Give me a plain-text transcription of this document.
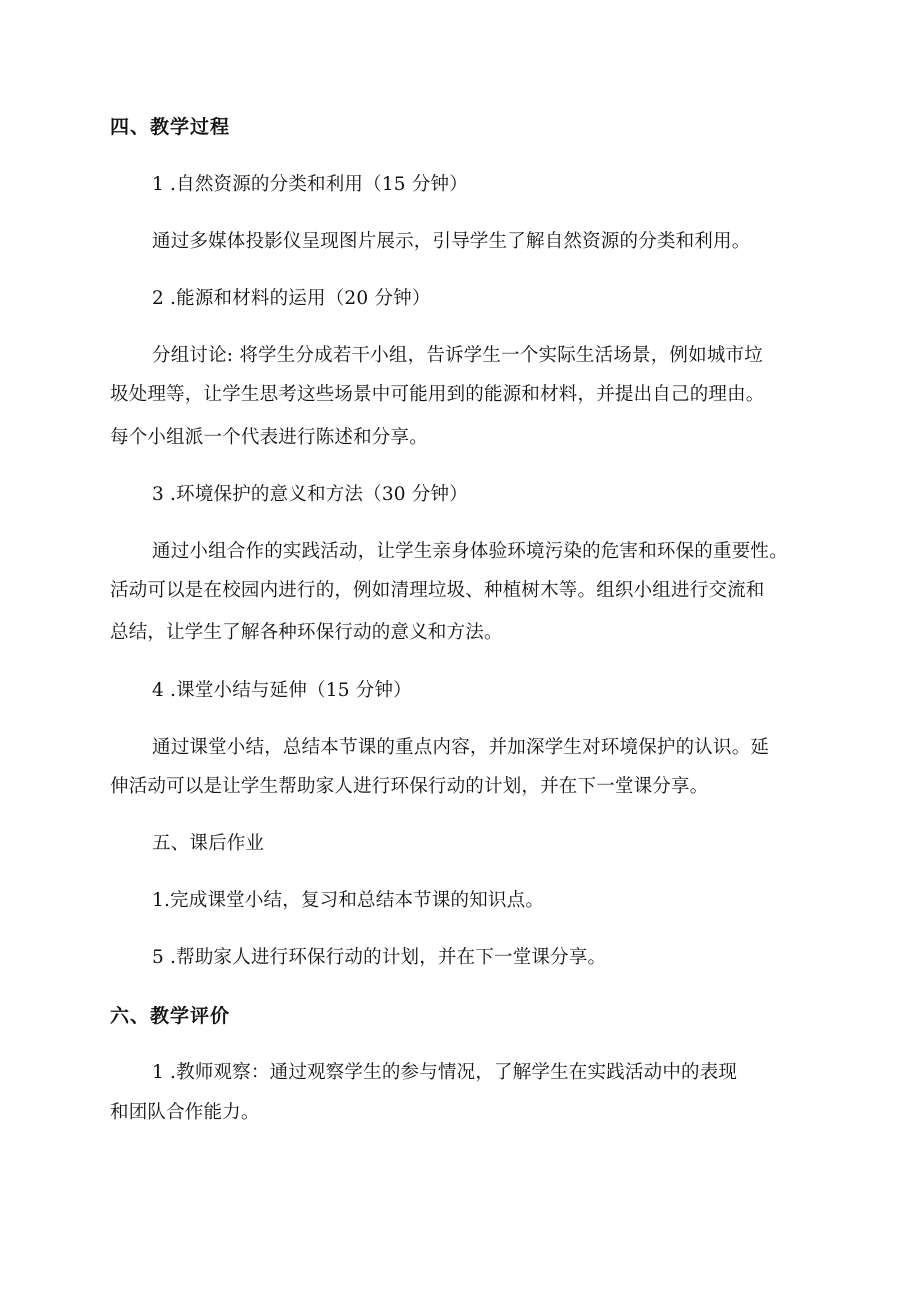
四、教学过程

1 .自然资源的分类和利用（15 分钟）

通过多媒体投影仪呈现图片展示，引导学生了解自然资源的分类和利用。

2 .能源和材料的运用（20 分钟）

分组讨论: 将学生分成若干小组，告诉学生一个实际生活场景，例如城市垃

圾处理等，让学生思考这些场景中可能用到的能源和材料，并提出自己的理由。

每个小组派一个代表进行陈述和分享。

3 .环境保护的意义和方法（30 分钟）

通过小组合作的实践活动，让学生亲身体验环境污染的危害和环保的重要性。

活动可以是在校园内进行的，例如清理垃圾、种植树木等。组织小组进行交流和

总结，让学生了解各种环保行动的意义和方法。

4 .课堂小结与延伸（15 分钟）

通过课堂小结，总结本节课的重点内容，并加深学生对环境保护的认识。延

伸活动可以是让学生帮助家人进行环保行动的计划，并在下一堂课分享。

五、课后作业

1.完成课堂小结，复习和总结本节课的知识点。

5 .帮助家人进行环保行动的计划，并在下一堂课分享。

六、教学评价

1 .教师观察：通过观察学生的参与情况，了解学生在实践活动中的表现

和团队合作能力。
